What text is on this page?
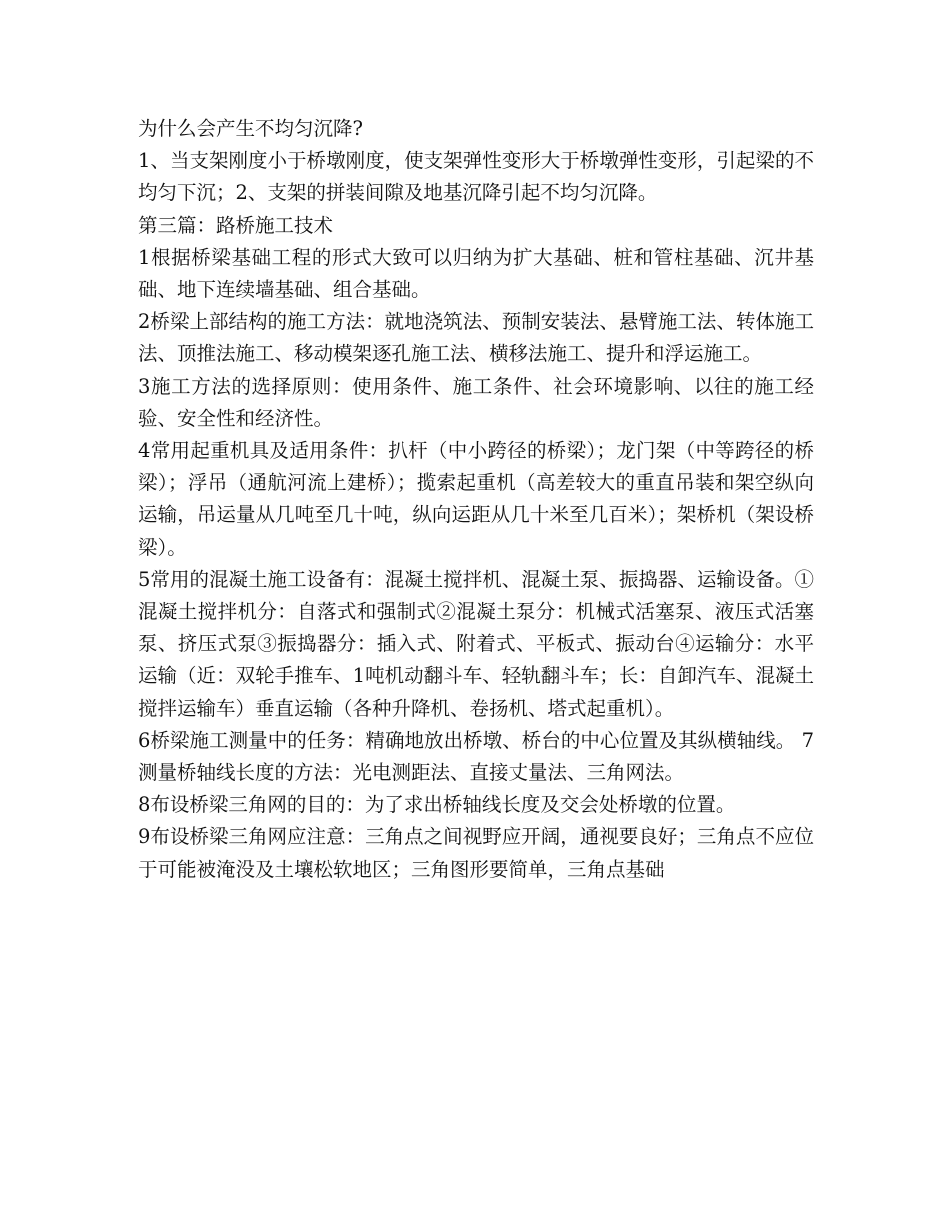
为什么会产生不均匀沉降?

1、当支架刚度小于桥墩刚度，使支架弹性变形大于桥墩弹性变形，引起梁的不均匀下沉；2、支架的拼装间隙及地基沉降引起不均匀沉降。

第三篇：路桥施工技术

1根据桥梁基础工程的形式大致可以归纳为扩大基础、桩和管柱基础、沉井基础、地下连续墙基础、组合基础。

2桥梁上部结构的施工方法：就地浇筑法、预制安装法、悬臂施工法、转体施工法、顶推法施工、移动模架逐孔施工法、横移法施工、提升和浮运施工。

3施工方法的选择原则：使用条件、施工条件、社会环境影响、以往的施工经验、安全性和经济性。

4常用起重机具及适用条件：扒杆（中小跨径的桥梁）；龙门架（中等跨径的桥梁）；浮吊（通航河流上建桥）；揽索起重机（高差较大的重直吊装和架空纵向运输，吊运量从几吨至几十吨，纵向运距从几十米至几百米）；架桥机（架设桥梁）。

5常用的混凝土施工设备有：混凝土搅拌机、混凝土泵、振捣器、运输设备。①混凝土搅拌机分：自落式和强制式②混凝土泵分：机械式活塞泵、液压式活塞泵、挤压式泵③振捣器分：插入式、附着式、平板式、振动台④运输分：水平运输（近：双轮手推车、1吨机动翻斗车、轻轨翻斗车；长：自卸汽车、混凝土搅拌运输车）垂直运输（各种升降机、卷扬机、塔式起重机）。

6桥梁施工测量中的任务：精确地放出桥墩、桥台的中心位置及其纵横轴线。 7测量桥轴线长度的方法：光电测距法、直接丈量法、三角网法。

8布设桥梁三角网的目的：为了求出桥轴线长度及交会处桥墩的位置。

9布设桥梁三角网应注意：三角点之间视野应开阔，通视要良好；三角点不应位于可能被淹没及土壤松软地区；三角图形要简单，三角点基础
